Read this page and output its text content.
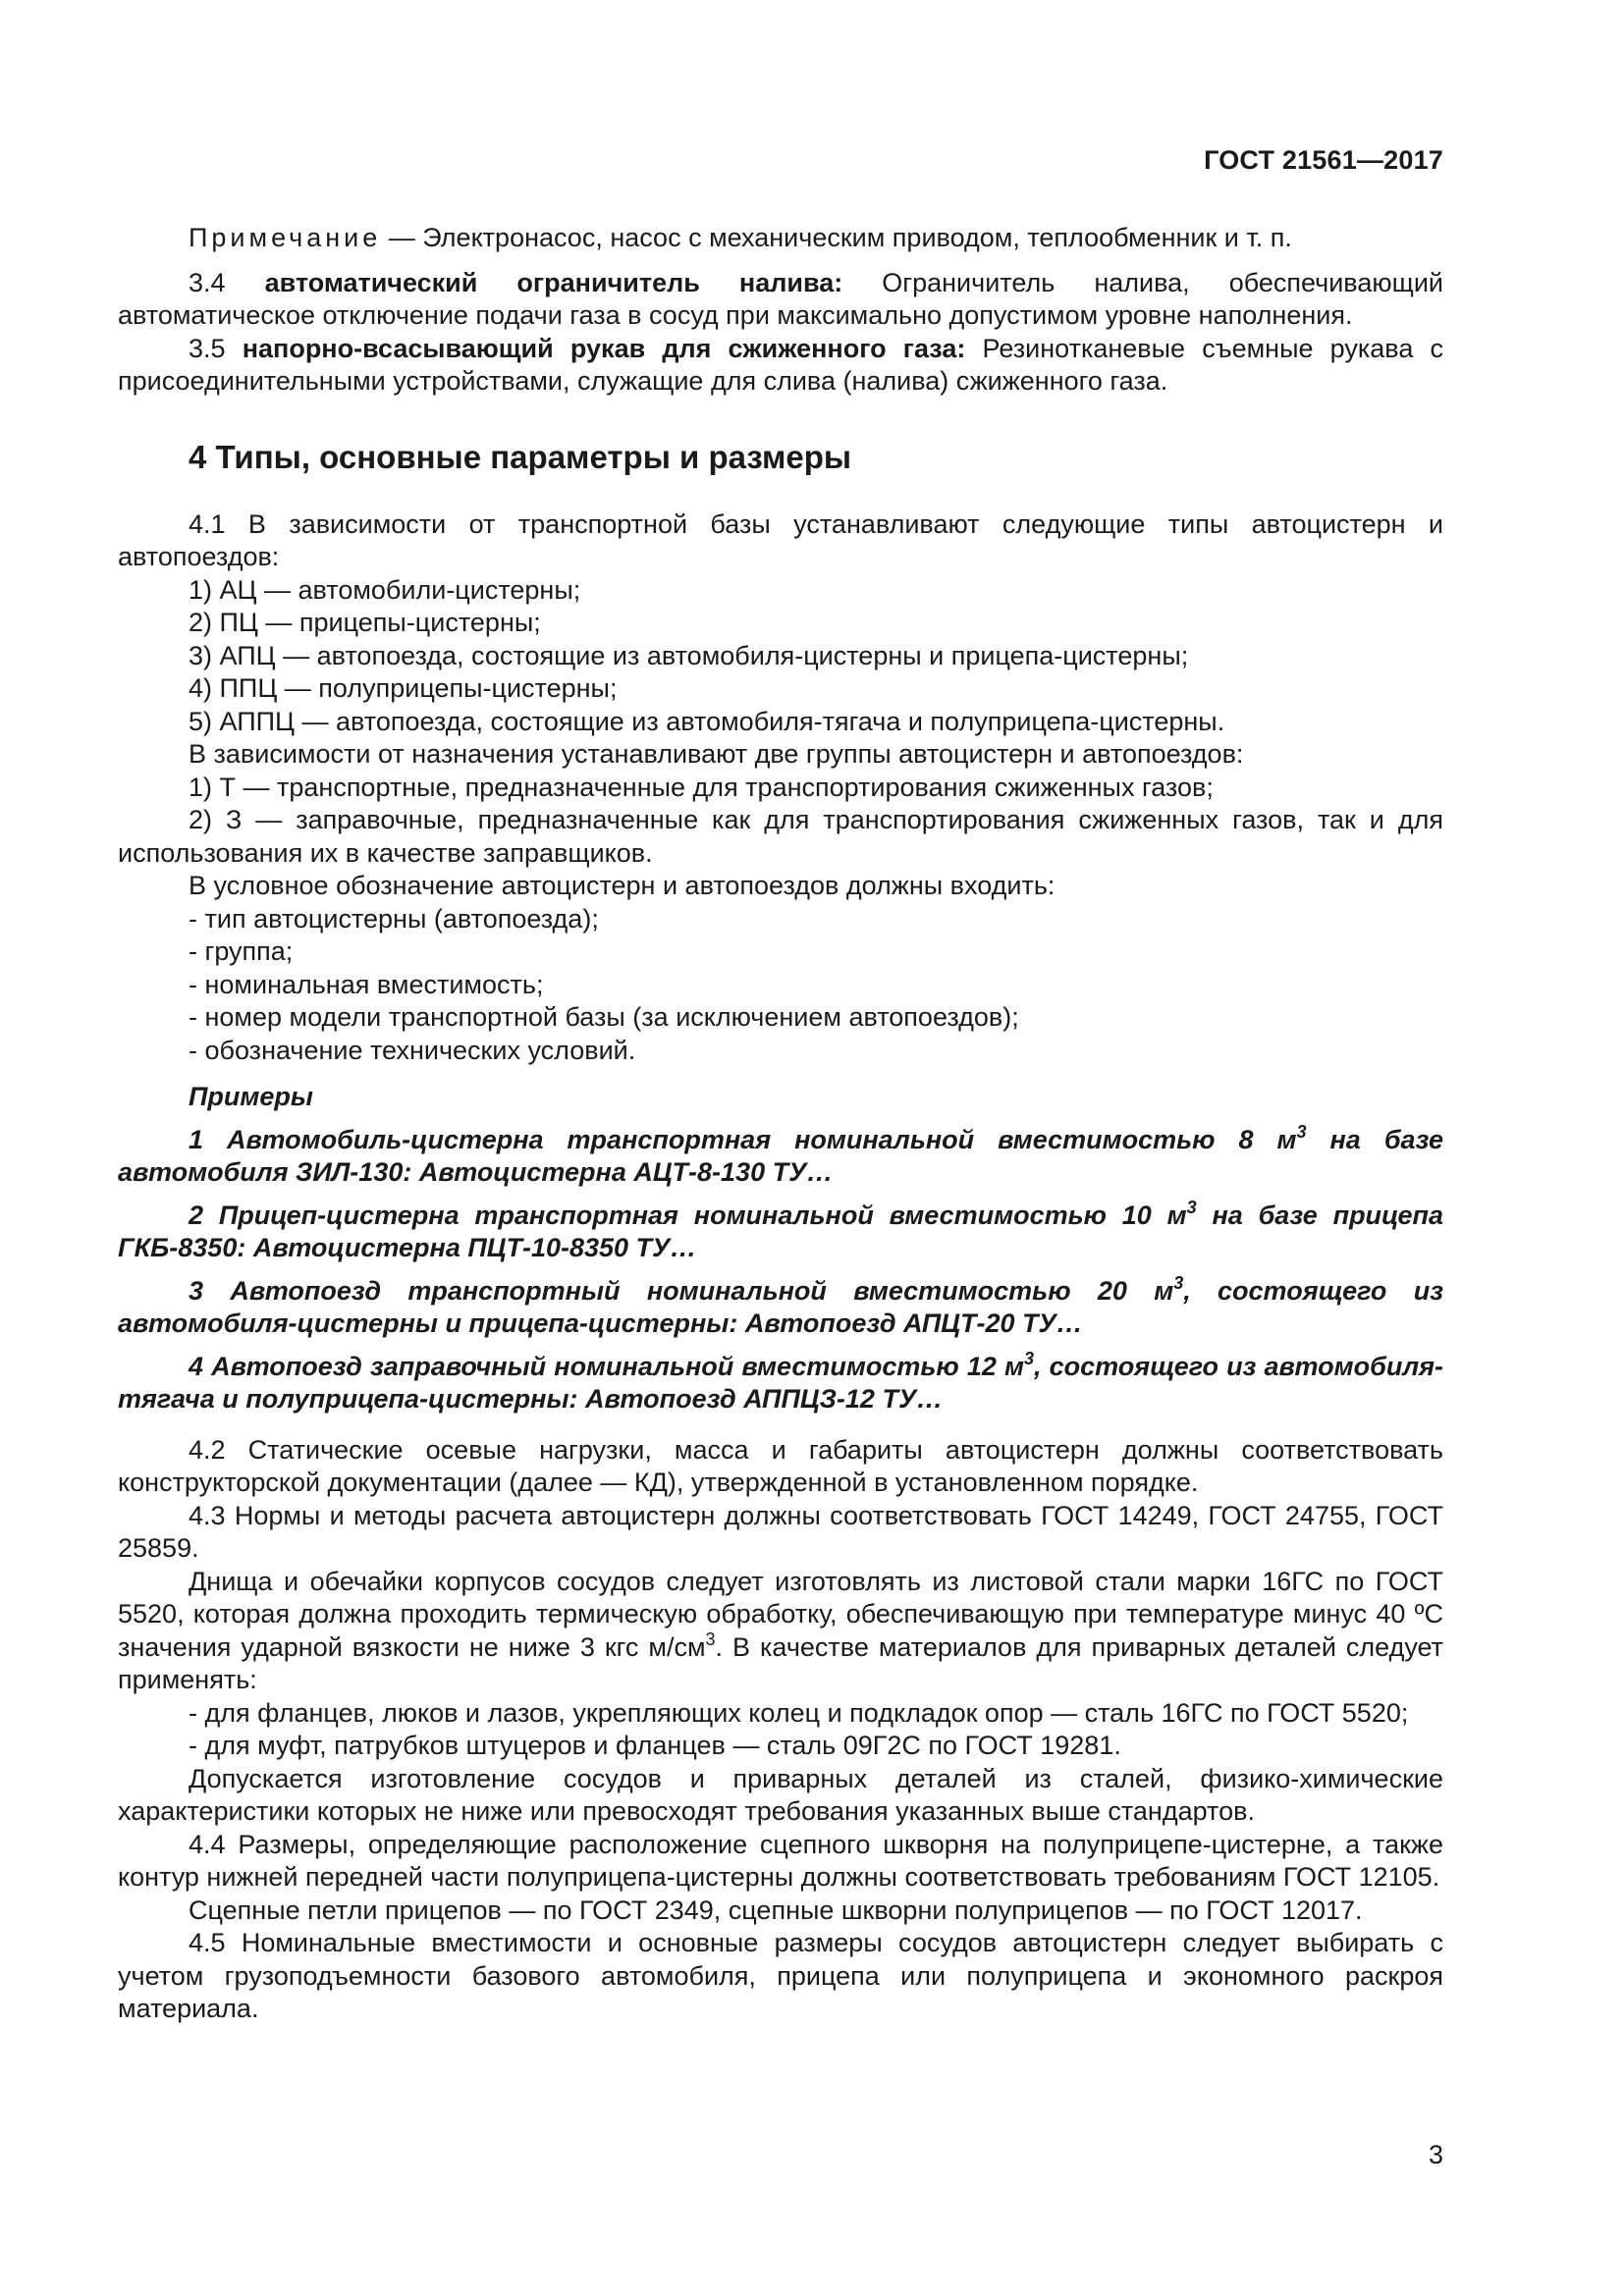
ГОСТ 21561—2017

Примечание — Электронасос, насос с механическим приводом, теплообменник и т. п.

3.4 автоматический ограничитель налива: Ограничитель налива, обеспечивающий автоматическое отключение подачи газа в сосуд при максимально допустимом уровне наполнения.

3.5 напорно-всасывающий рукав для сжиженного газа: Резинотканевые съемные рукава с присоединительными устройствами, служащие для слива (налива) сжиженного газа.

4 Типы, основные параметры и размеры

4.1 В зависимости от транспортной базы устанавливают следующие типы автоцистерн и автопоездов:

1) АЦ — автомобили-цистерны;

2) ПЦ — прицепы-цистерны;

3) АПЦ — автопоезда, состоящие из автомобиля-цистерны и прицепа-цистерны;

4) ППЦ — полуприцепы-цистерны;

5) АППЦ — автопоезда, состоящие из автомобиля-тягача и полуприцепа-цистерны.

В зависимости от назначения устанавливают две группы автоцистерн и автопоездов:

1) Т — транспортные, предназначенные для транспортирования сжиженных газов;

2) З — заправочные, предназначенные как для транспортирования сжиженных газов, так и для использования их в качестве заправщиков.

В условное обозначение автоцистерн и автопоездов должны входить:

- тип автоцистерны (автопоезда);

- группа;

- номинальная вместимость;

- номер модели транспортной базы (за исключением автопоездов);

- обозначение технических условий.

Примеры

1 Автомобиль-цистерна транспортная номинальной вместимостью 8 $м^3$ на базе автомобиля ЗИЛ-130: Автоцистерна АЦТ-8-130 ТУ…

2 Прицеп-цистерна транспортная номинальной вместимостью 10 $м^3$ на базе прицепа ГКБ-8350: Автоцистерна ПЦТ-10-8350 ТУ…

3 Автопоезд транспортный номинальной вместимостью 20 $м^3$, состоящего из автомобиля-цистерны и прицепа-цистерны: Автопоезд АПЦТ-20 ТУ…

4 Автопоезд заправочный номинальной вместимостью 12 $м^3$, состоящего из автомобиля-тягача и полуприцепа-цистерны: Автопоезд АППЦЗ-12 ТУ…

4.2 Статические осевые нагрузки, масса и габариты автоцистерн должны соответствовать конструкторской документации (далее — КД), утвержденной в установленном порядке.

4.3 Нормы и методы расчета автоцистерн должны соответствовать ГОСТ 14249, ГОСТ 24755, ГОСТ 25859.

Днища и обечайки корпусов сосудов следует изготовлять из листовой стали марки 16ГС по ГОСТ 5520, которая должна проходить термическую обработку, обеспечивающую при температуре минус 40 ºС значения ударной вязкости не ниже 3 кгс $м/см^3$. В качестве материалов для приварных деталей следует применять:

- для фланцев, люков и лазов, укрепляющих колец и подкладок опор — сталь 16ГС по ГОСТ 5520;

- для муфт, патрубков штуцеров и фланцев — сталь 09Г2С по ГОСТ 19281.

Допускается изготовление сосудов и приварных деталей из сталей, физико-химические характеристики которых не ниже или превосходят требования указанных выше стандартов.

4.4 Размеры, определяющие расположение сцепного шкворня на полуприцепе-цистерне, а также контур нижней передней части полуприцепа-цистерны должны соответствовать требованиям ГОСТ 12105.

Сцепные петли прицепов — по ГОСТ 2349, сцепные шкворни полуприцепов — по ГОСТ 12017.

4.5 Номинальные вместимости и основные размеры сосудов автоцистерн следует выбирать с учетом грузоподъемности базового автомобиля, прицепа или полуприцепа и экономного раскроя материала.

3
